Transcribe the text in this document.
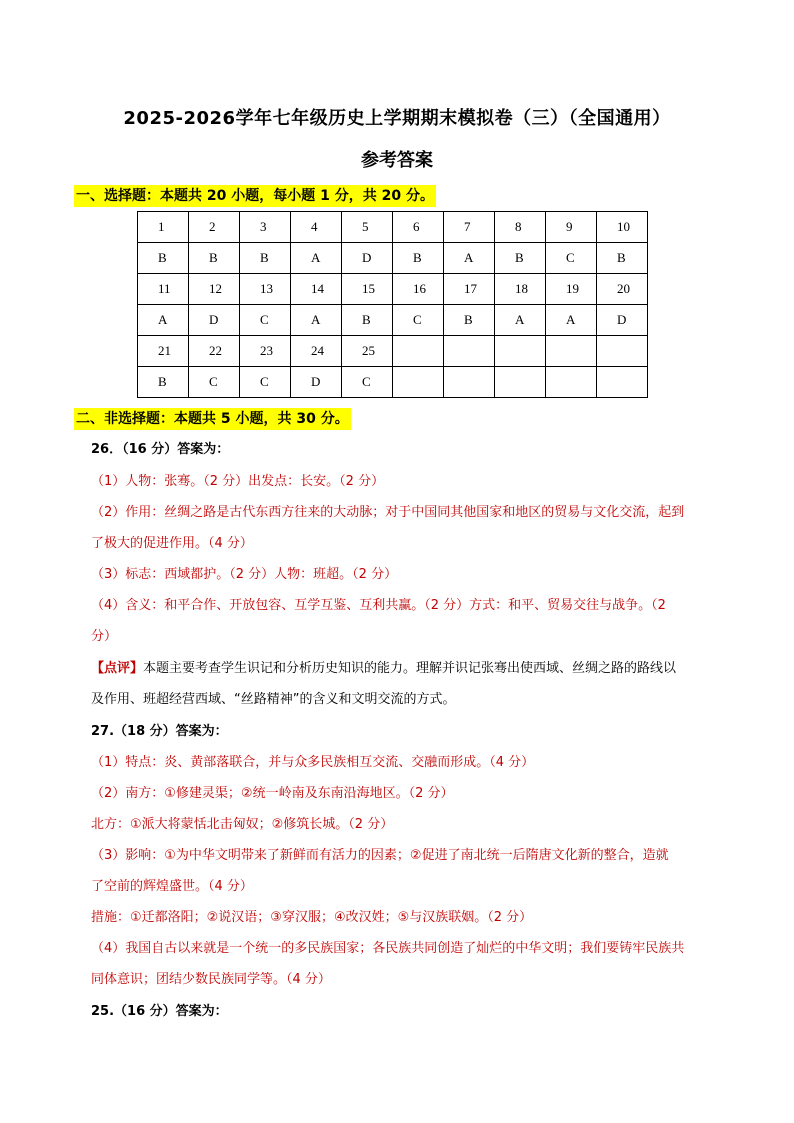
2025-2026学年七年级历史上学期期末模拟卷（三）（全国通用）
参考答案
一、选择题：本题共 20 小题，每小题 1 分，共 20 分。
1	2	3	4	5	6	7	8	9	10
B	B	B	A	D	B	A	B	C	B
11	12	13	14	15	16	17	18	19	20
A	D	C	A	B	C	B	A	A	D
21	22	23	24	25					
B	C	C	D	C					
二、非选择题：本题共 5 小题，共 30 分。
26．（16 分）答案为：
（1）人物：张骞。（2 分）出发点：长安。（2 分）
（2）作用：丝绸之路是古代东西方往来的大动脉；对于中国同其他国家和地区的贸易与文化交流，起到
了极大的促进作用。（4 分）
（3）标志：西域都护。（2 分）人物：班超。（2 分）
（4）含义：和平合作、开放包容、互学互鉴、互利共赢。（2 分）方式：和平、贸易交往与战争。（2
分）
【点评】本题主要考查学生识记和分析历史知识的能力。理解并识记张骞出使西域、丝绸之路的路线以
及作用、班超经营西域、“丝路精神”的含义和文明交流的方式。
27.（18 分）答案为：
（1）特点：炎、黄部落联合，并与众多民族相互交流、交融而形成。（4 分）
（2）南方：①修建灵渠；②统一岭南及东南沿海地区。（2 分）
北方：①派大将蒙恬北击匈奴；②修筑长城。（2 分）
（3）影响：①为中华文明带来了新鲜而有活力的因素；②促进了南北统一后隋唐文化新的整合，造就
了空前的辉煌盛世。（4 分）
措施：①迁都洛阳；②说汉语；③穿汉服；④改汉姓；⑤与汉族联姻。（2 分）
（4）我国自古以来就是一个统一的多民族国家；各民族共同创造了灿烂的中华文明；我们要铸牢民族共
同体意识；团结少数民族同学等。（4 分）
25.（16 分）答案为：
